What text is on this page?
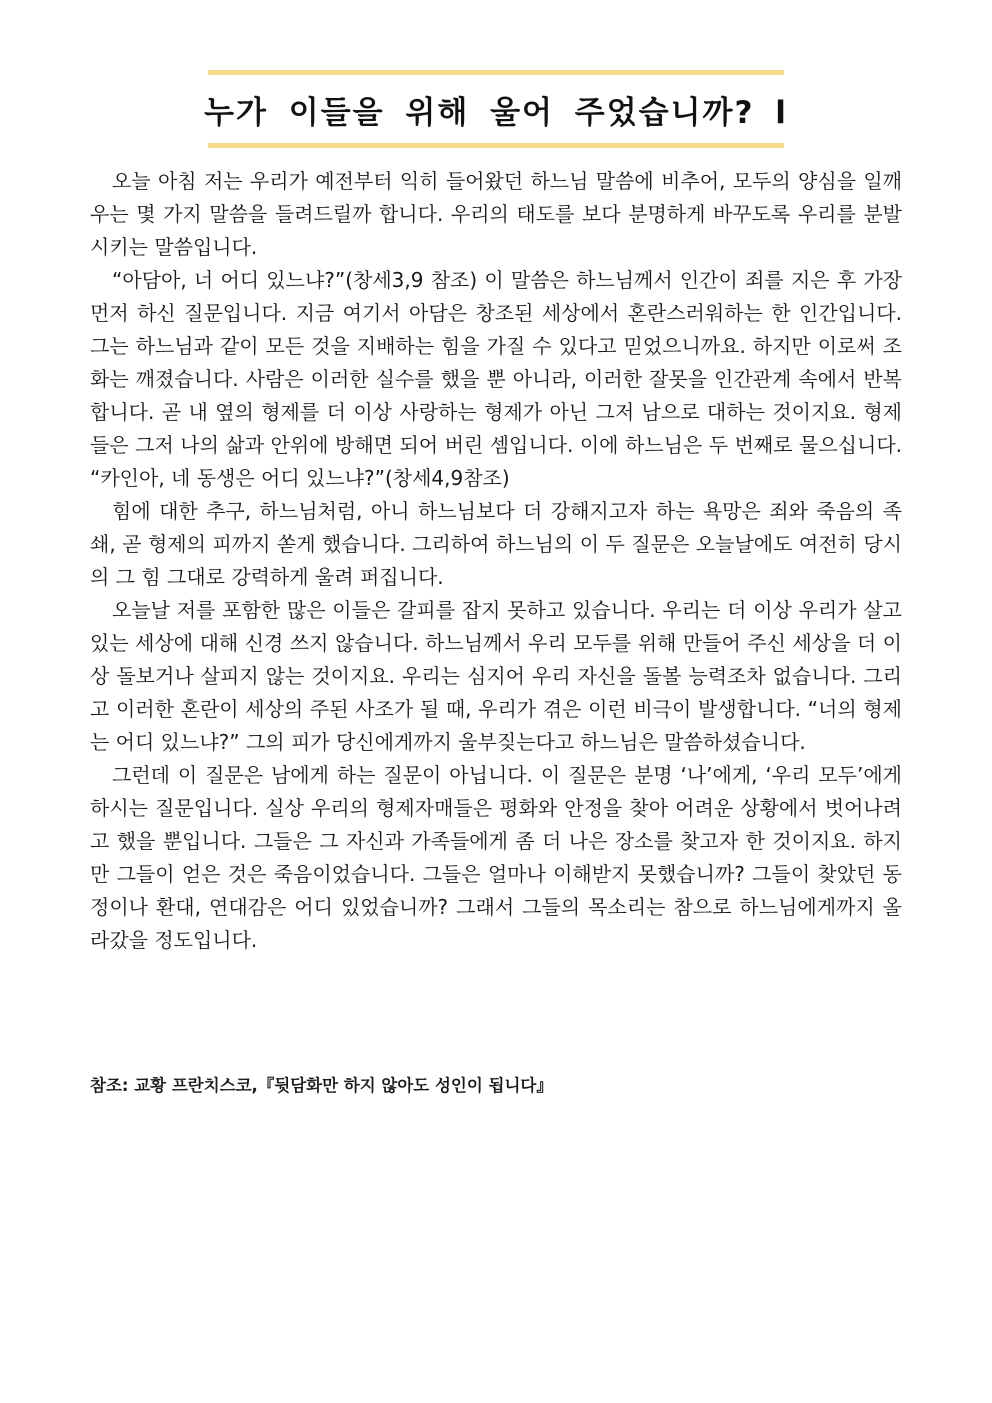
누가 이들을 위해 울어 주었습니까? l

오늘 아침 저는 우리가 예전부터 익히 들어왔던 하느님 말씀에 비추어, 모두의 양심을 일깨우는 몇 가지 말씀을 들려드릴까 합니다. 우리의 태도를 보다 분명하게 바꾸도록 우리를 분발시키는 말씀입니다.

“아담아, 너 어디 있느냐?”(창세3,9 참조) 이 말씀은 하느님께서 인간이 죄를 지은 후 가장 먼저 하신 질문입니다. 지금 여기서 아담은 창조된 세상에서 혼란스러워하는 한 인간입니다. 그는 하느님과 같이 모든 것을 지배하는 힘을 가질 수 있다고 믿었으니까요. 하지만 이로써 조화는 깨졌습니다. 사람은 이러한 실수를 했을 뿐 아니라, 이러한 잘못을 인간관계 속에서 반복합니다. 곧 내 옆의 형제를 더 이상 사랑하는 형제가 아닌 그저 남으로 대하는 것이지요. 형제들은 그저 나의 삶과 안위에 방해면 되어 버린 셈입니다. 이에 하느님은 두 번째로 물으십니다. “카인아, 네 동생은 어디 있느냐?”(창세4,9참조)

힘에 대한 추구, 하느님처럼, 아니 하느님보다 더 강해지고자 하는 욕망은 죄와 죽음의 족쇄, 곧 형제의 피까지 쏟게 했습니다. 그리하여 하느님의 이 두 질문은 오늘날에도 여전히 당시의 그 힘 그대로 강력하게 울려 퍼집니다.

오늘날 저를 포함한 많은 이들은 갈피를 잡지 못하고 있습니다. 우리는 더 이상 우리가 살고 있는 세상에 대해 신경 쓰지 않습니다. 하느님께서 우리 모두를 위해 만들어 주신 세상을 더 이상 돌보거나 살피지 않는 것이지요. 우리는 심지어 우리 자신을 돌볼 능력조차 없습니다. 그리고 이러한 혼란이 세상의 주된 사조가 될 때, 우리가 겪은 이런 비극이 발생합니다. “너의 형제는 어디 있느냐?” 그의 피가 당신에게까지 울부짖는다고 하느님은 말씀하셨습니다.

그런데 이 질문은 남에게 하는 질문이 아닙니다. 이 질문은 분명 ‘나’에게, ‘우리 모두’에게 하시는 질문입니다. 실상 우리의 형제자매들은 평화와 안정을 찾아 어려운 상황에서 벗어나려고 했을 뿐입니다. 그들은 그 자신과 가족들에게 좀 더 나은 장소를 찾고자 한 것이지요. 하지만 그들이 얻은 것은 죽음이었습니다. 그들은 얼마나 이해받지 못했습니까? 그들이 찾았던 동정이나 환대, 연대감은 어디 있었습니까? 그래서 그들의 목소리는 참으로 하느님에게까지 올라갔을 정도입니다.

참조: 교황 프란치스코,『뒷담화만 하지 않아도 성인이 됩니다』
